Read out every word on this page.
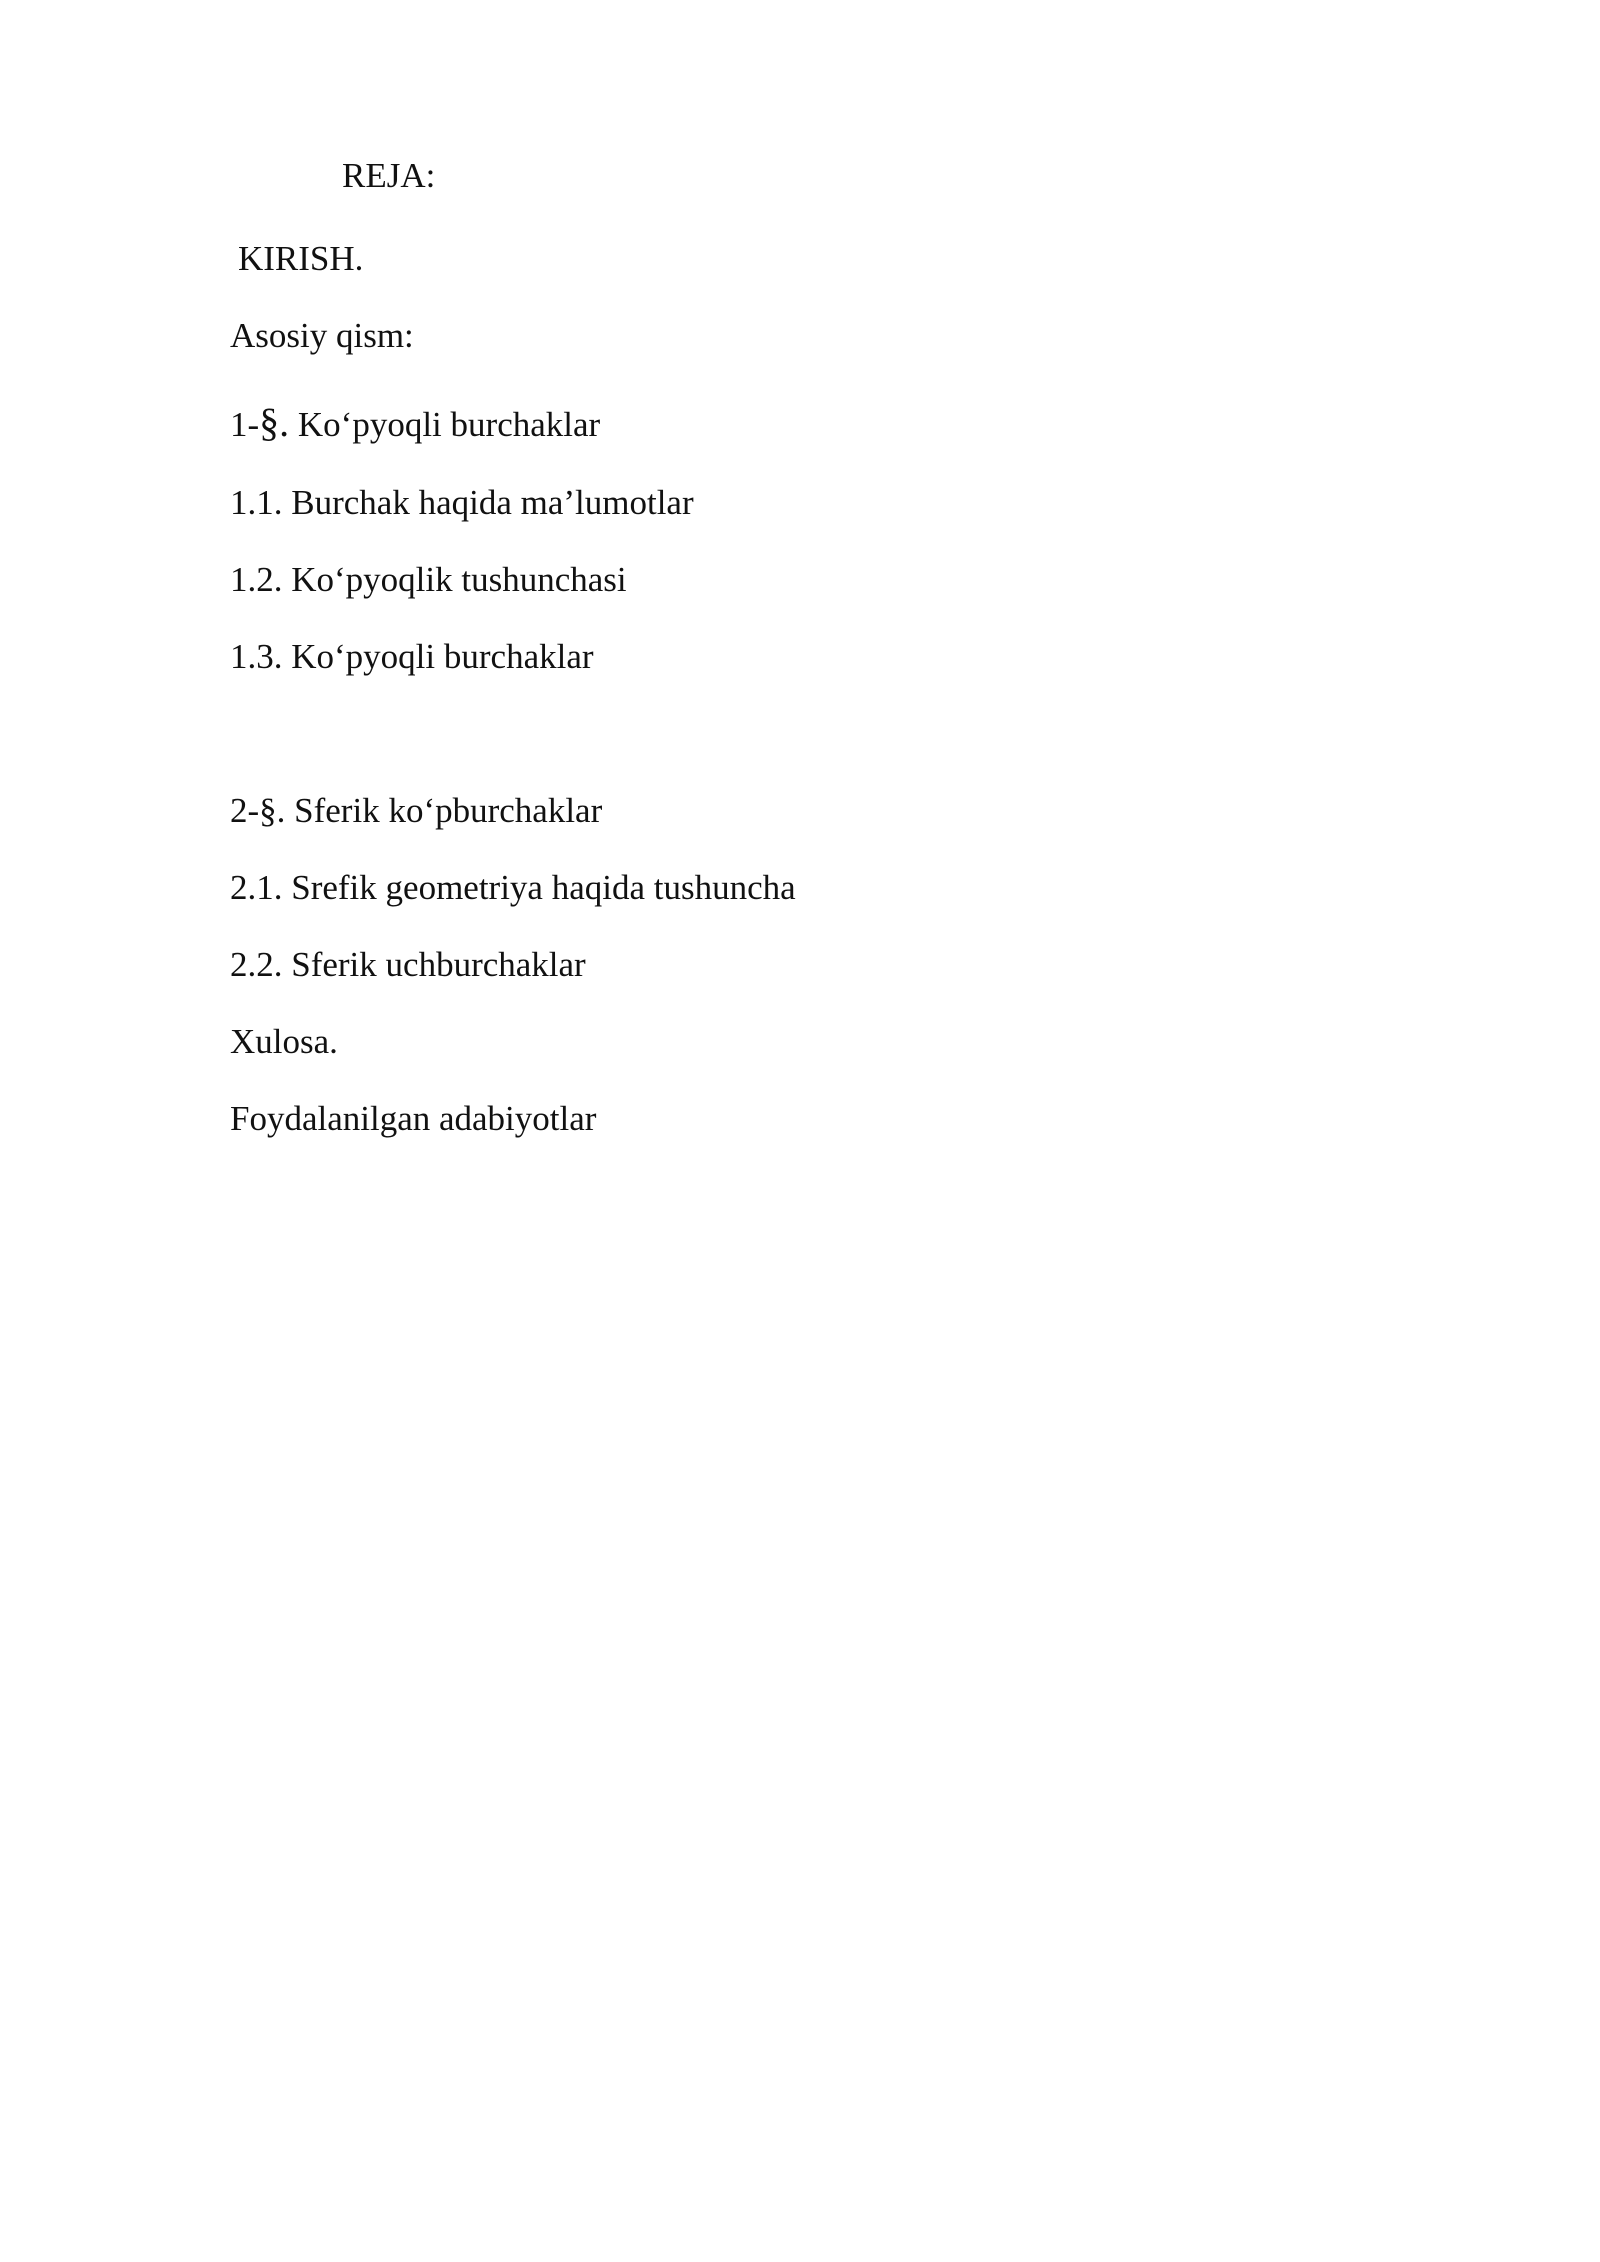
REJA:
KIRISH.
Asosiy qism:
1-§. Ko‘pyoqli burchaklar
1.1. Burchak haqida ma’lumotlar
1.2. Ko‘pyoqlik tushunchasi
1.3. Ko‘pyoqli burchaklar
2-§. Sferik ko‘pburchaklar
2.1. Srefik geometriya haqida tushuncha
2.2. Sferik uchburchaklar
Xulosa.
Foydalanilgan adabiyotlar
